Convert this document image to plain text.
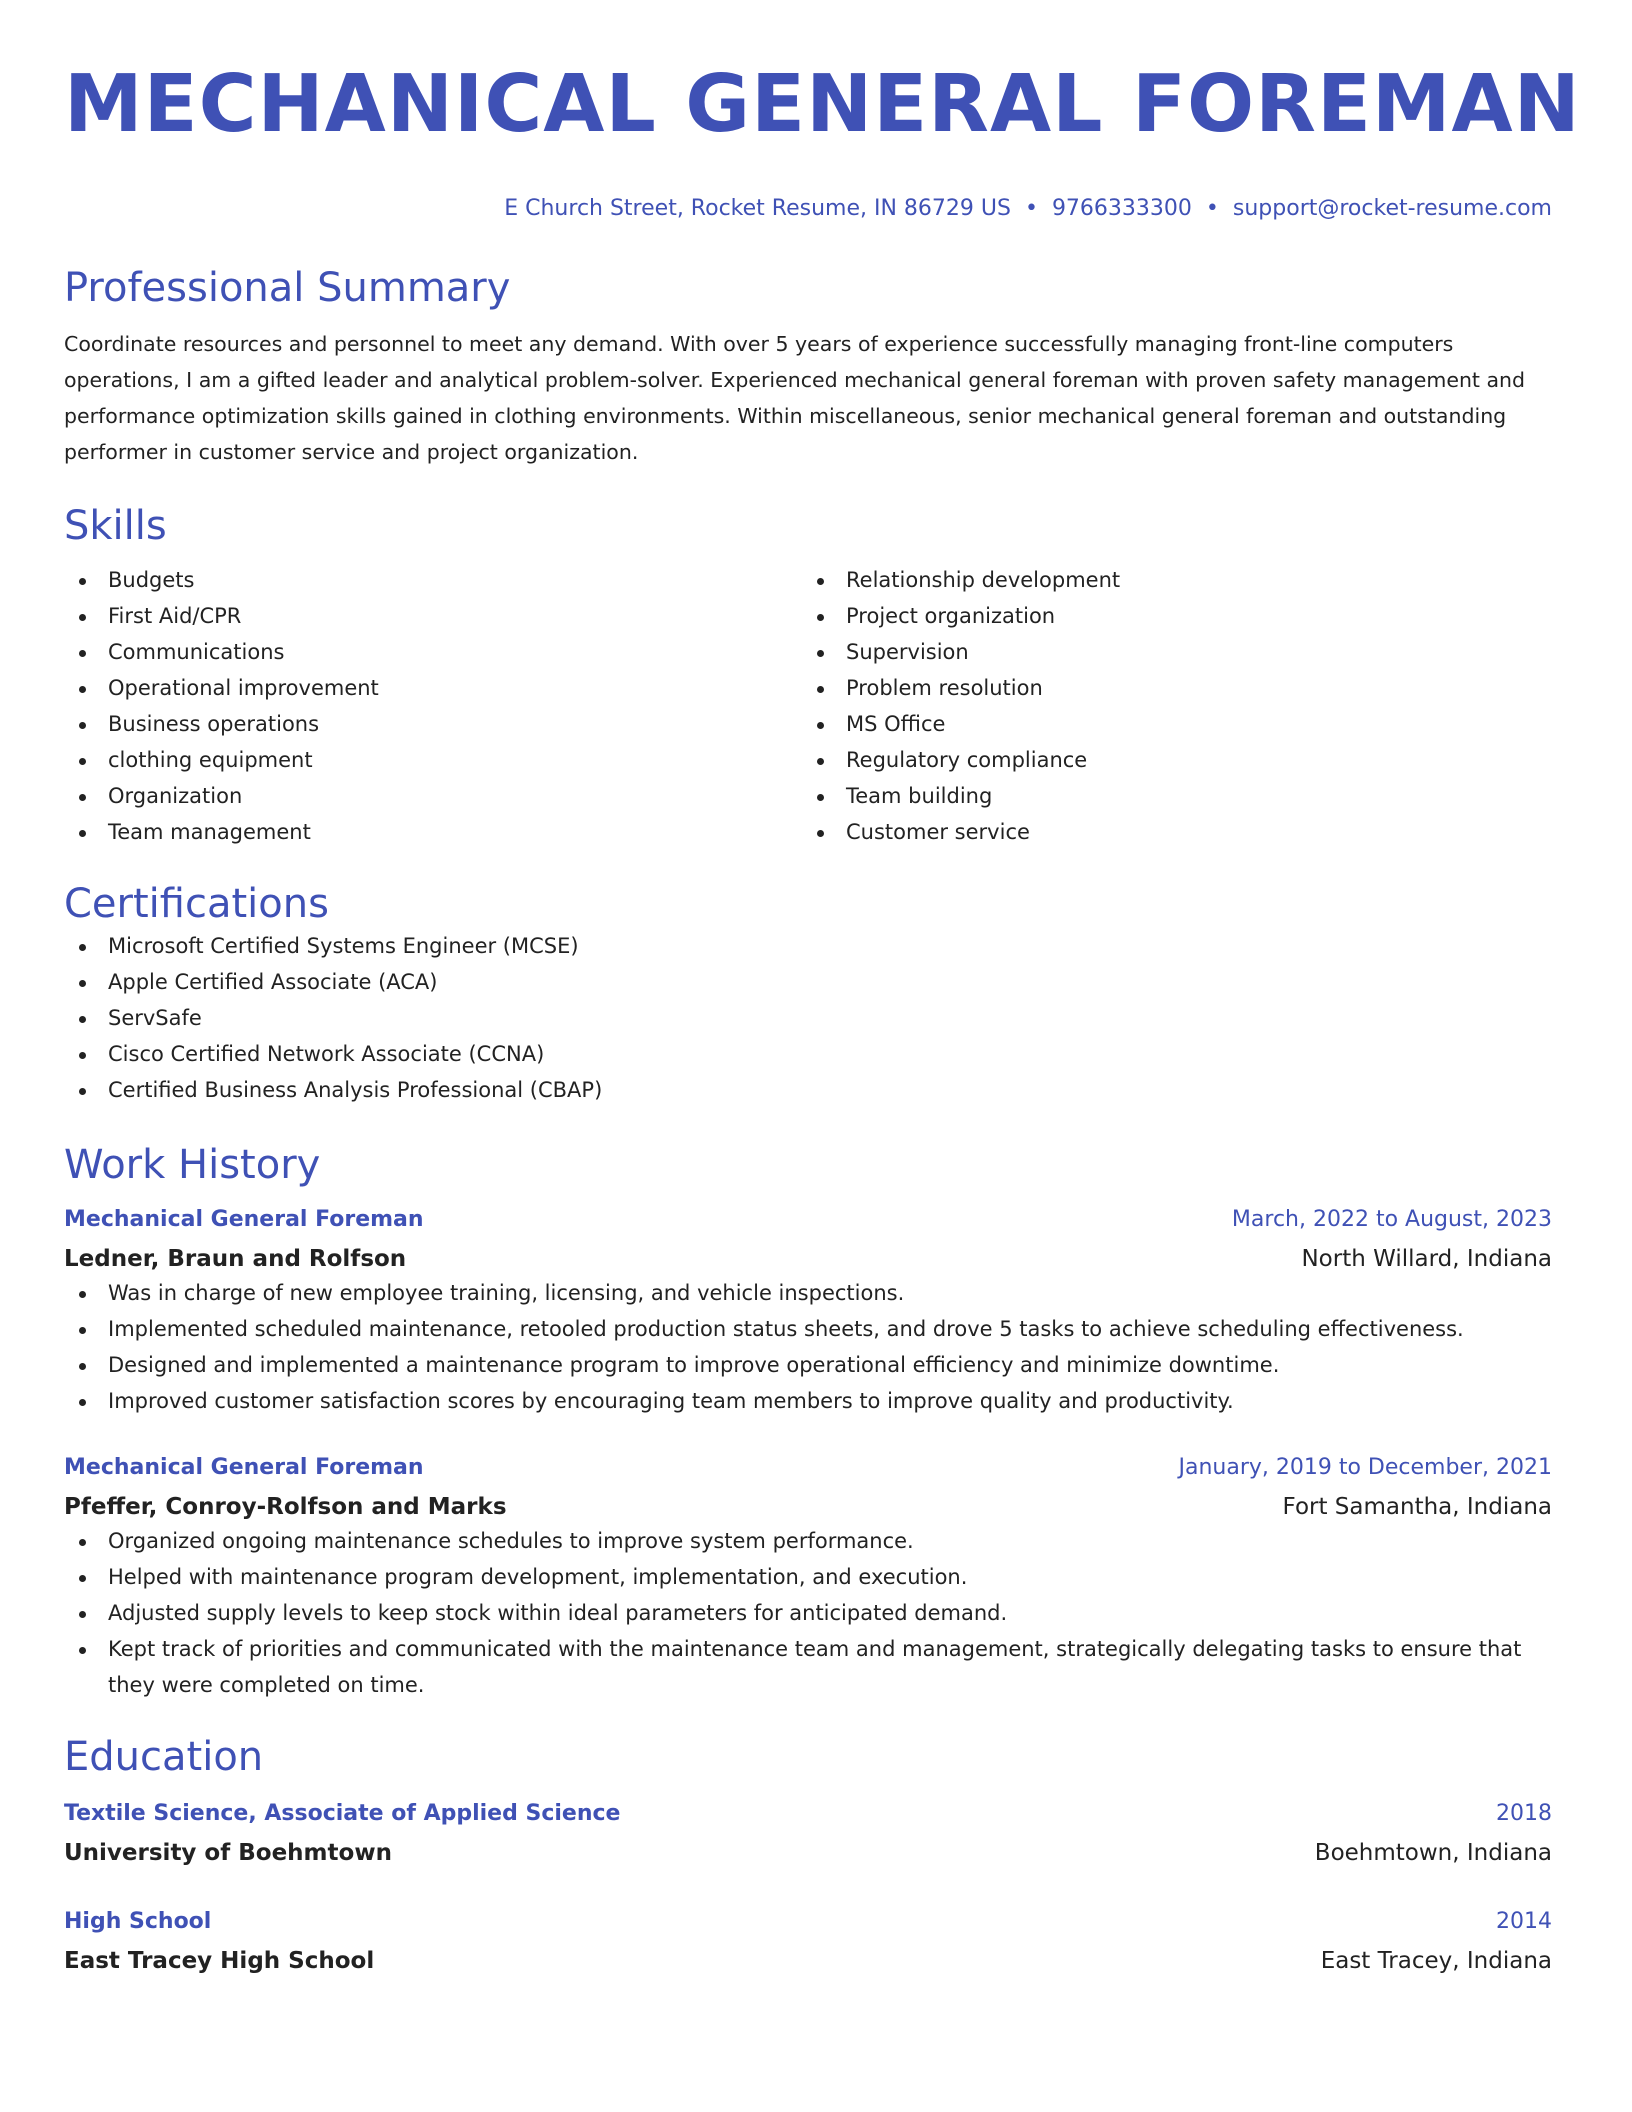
MECHANICAL GENERAL FOREMAN
E Church Street, Rocket Resume, IN 86729 US • 9766333300 • support@rocket-resume.com
Professional Summary
Coordinate resources and personnel to meet any demand. With over 5 years of experience successfully managing front-line computers operations, I am a gifted leader and analytical problem-solver. Experienced mechanical general foreman with proven safety management and performance optimization skills gained in clothing environments. Within miscellaneous, senior mechanical general foreman and outstanding performer in customer service and project organization.
Skills
Budgets
First Aid/CPR
Communications
Operational improvement
Business operations
clothing equipment
Organization
Team management
Relationship development
Project organization
Supervision
Problem resolution
MS Office
Regulatory compliance
Team building
Customer service
Certifications
Microsoft Certified Systems Engineer (MCSE)
Apple Certified Associate (ACA)
ServSafe
Cisco Certified Network Associate (CCNA)
Certified Business Analysis Professional (CBAP)
Work History
Mechanical General Foreman	March, 2022 to August, 2023
Ledner, Braun and Rolfson	North Willard, Indiana
Was in charge of new employee training, licensing, and vehicle inspections.
Implemented scheduled maintenance, retooled production status sheets, and drove 5 tasks to achieve scheduling effectiveness.
Designed and implemented a maintenance program to improve operational efficiency and minimize downtime.
Improved customer satisfaction scores by encouraging team members to improve quality and productivity.
Mechanical General Foreman	January, 2019 to December, 2021
Pfeffer, Conroy-Rolfson and Marks	Fort Samantha, Indiana
Organized ongoing maintenance schedules to improve system performance.
Helped with maintenance program development, implementation, and execution.
Adjusted supply levels to keep stock within ideal parameters for anticipated demand.
Kept track of priorities and communicated with the maintenance team and management, strategically delegating tasks to ensure that they were completed on time.
Education
Textile Science, Associate of Applied Science	2018
University of Boehmtown	Boehmtown, Indiana
High School	2014
East Tracey High School	East Tracey, Indiana
